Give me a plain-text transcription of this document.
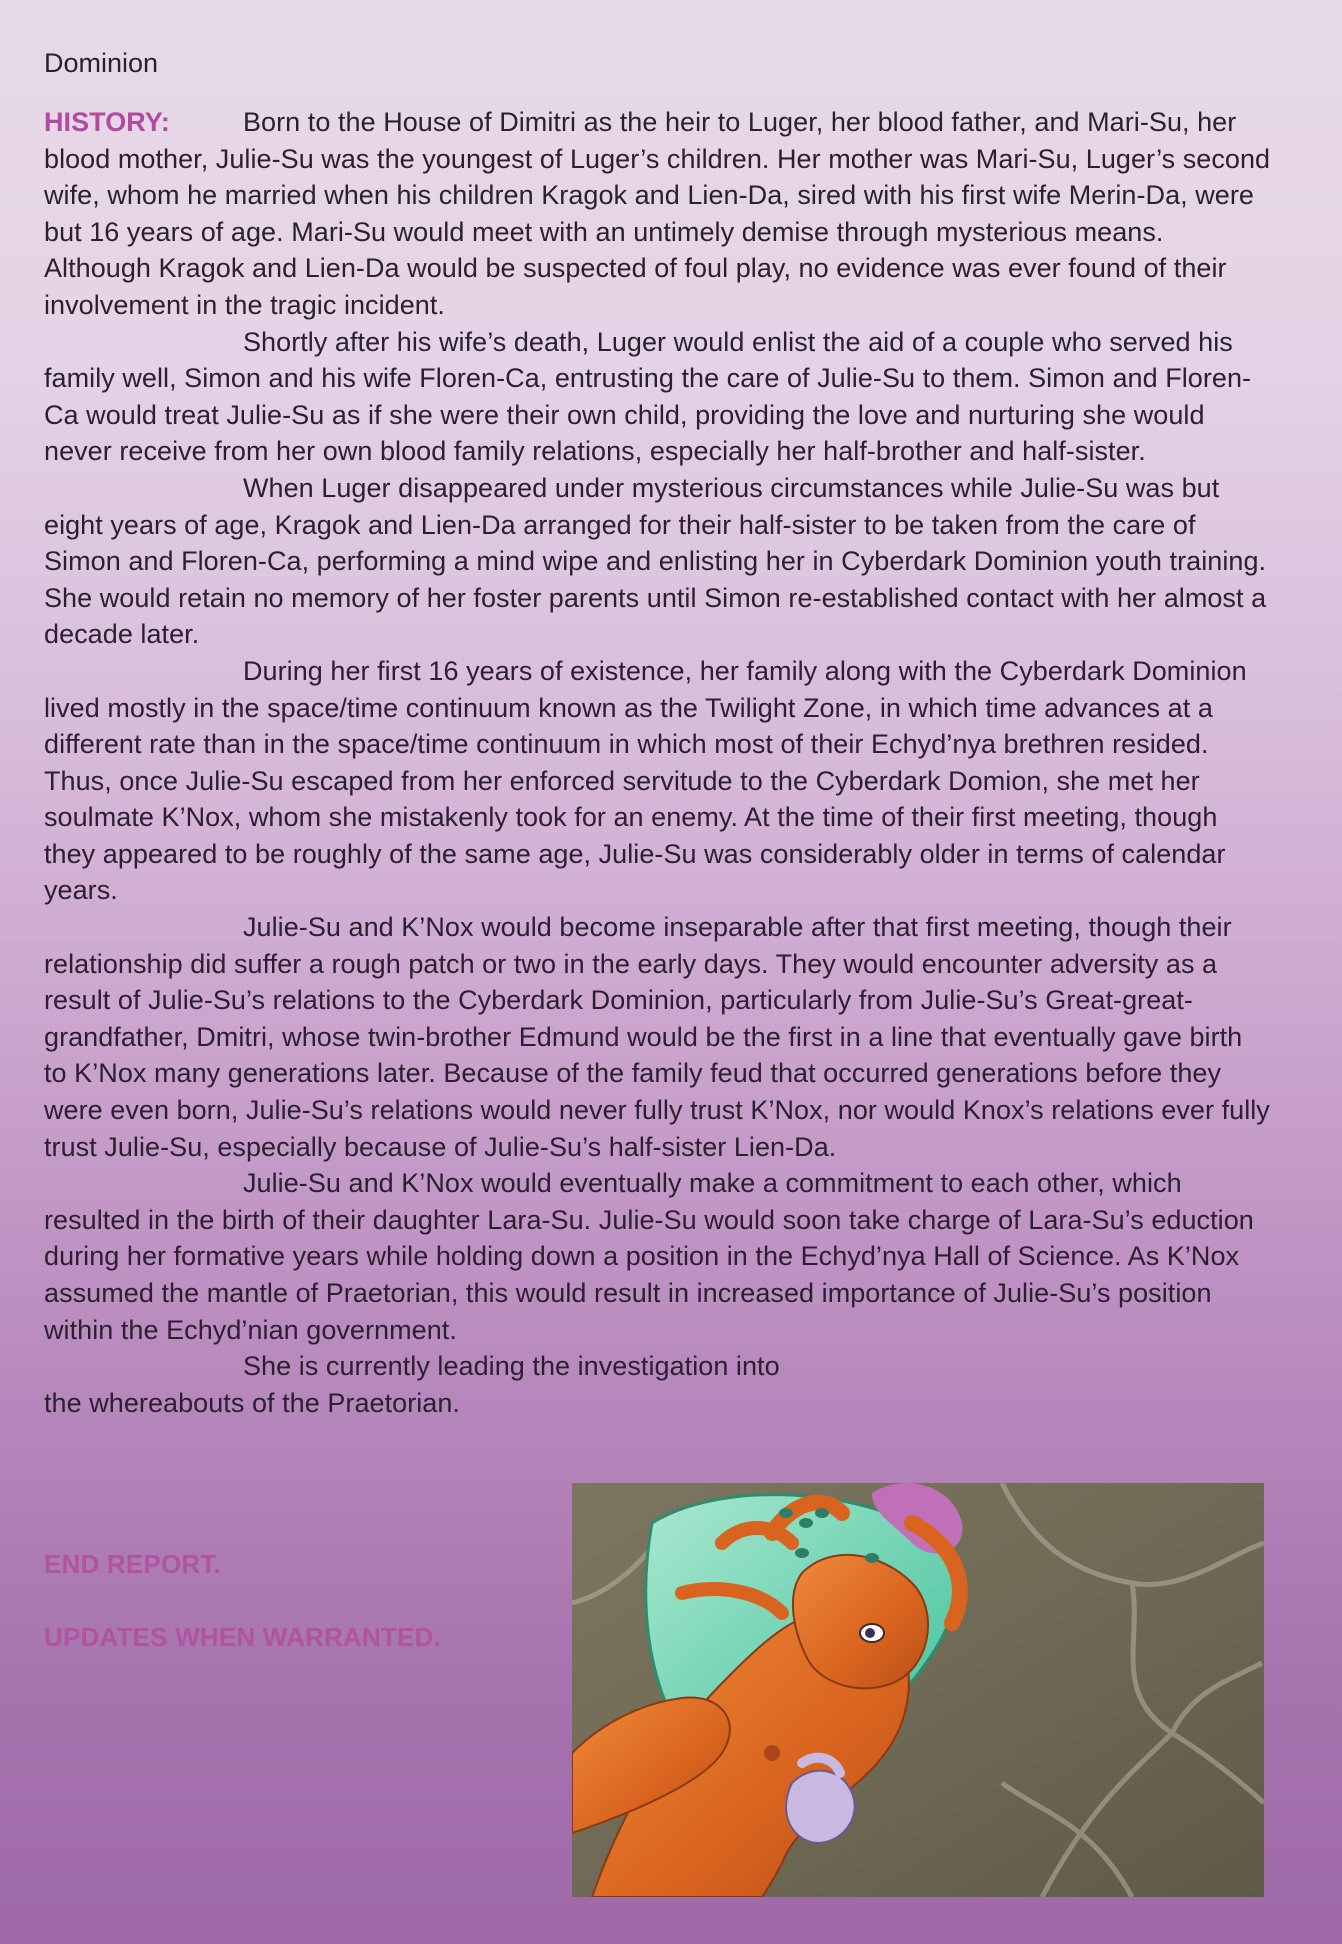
Dominion

HISTORY:	Born to the House of Dimitri as the heir to Luger, her blood father, and Mari-Su, her blood mother, Julie-Su was the youngest of Luger’s children. Her mother was Mari-Su, Luger’s second wife, whom he married when his children Kragok and Lien-Da, sired with his first wife Merin-Da, were but 16 years of age. Mari-Su would meet with an untimely demise through mysterious means. Although Kragok and Lien-Da would be suspected of foul play, no evidence was ever found of their involvement in the tragic incident.

Shortly after his wife’s death, Luger would enlist the aid of a couple who served his family well, Simon and his wife Floren-Ca, entrusting the care of Julie-Su to them. Simon and Floren-Ca would treat Julie-Su as if she were their own child, providing the love and nurturing she would never receive from her own blood family relations, especially her half-brother and half-sister.

When Luger disappeared under mysterious circumstances while Julie-Su was but eight years of age, Kragok and Lien-Da arranged for their half-sister to be taken from the care of Simon and Floren-Ca, performing a mind wipe and enlisting her in Cyberdark Dominion youth training. She would retain no memory of her foster parents until Simon re-established contact with her almost a decade later.

During her first 16 years of existence, her family along with the Cyberdark Dominion lived mostly in the space/time continuum known as the Twilight Zone, in which time advances at a different rate than in the space/time continuum in which most of their Echyd’nya brethren resided. Thus, once Julie-Su escaped from her enforced servitude to the Cyberdark Domion, she met her soulmate K’Nox, whom she mistakenly took for an enemy. At the time of their first meeting, though they appeared to be roughly of the same age, Julie-Su was considerably older in terms of calendar years.

Julie-Su and K’Nox would become inseparable after that first meeting, though their relationship did suffer a rough patch or two in the early days. They would encounter adversity as a result of Julie-Su’s relations to the Cyberdark Dominion, particularly from Julie-Su’s Great-great-grandfather, Dmitri, whose twin-brother Edmund would be the first in a line that eventually gave birth to K’Nox many generations later. Because of the family feud that occurred generations before they were even born, Julie-Su’s relations would never fully trust K’Nox, nor would Knox’s relations ever fully trust Julie-Su, especially because of Julie-Su’s half-sister Lien-Da.

Julie-Su and K’Nox would eventually make a commitment to each other, which resulted in the birth of their daughter Lara-Su. Julie-Su would soon take charge of Lara-Su’s eduction during her formative years while holding down a position in the Echyd’nya Hall of Science. As K’Nox assumed the mantle of Praetorian, this would result in increased importance of Julie-Su’s position within the Echyd’nian government.

She is currently leading the investigation into the whereabouts of the Praetorian.

END REPORT.
UPDATES WHEN WARRANTED.
